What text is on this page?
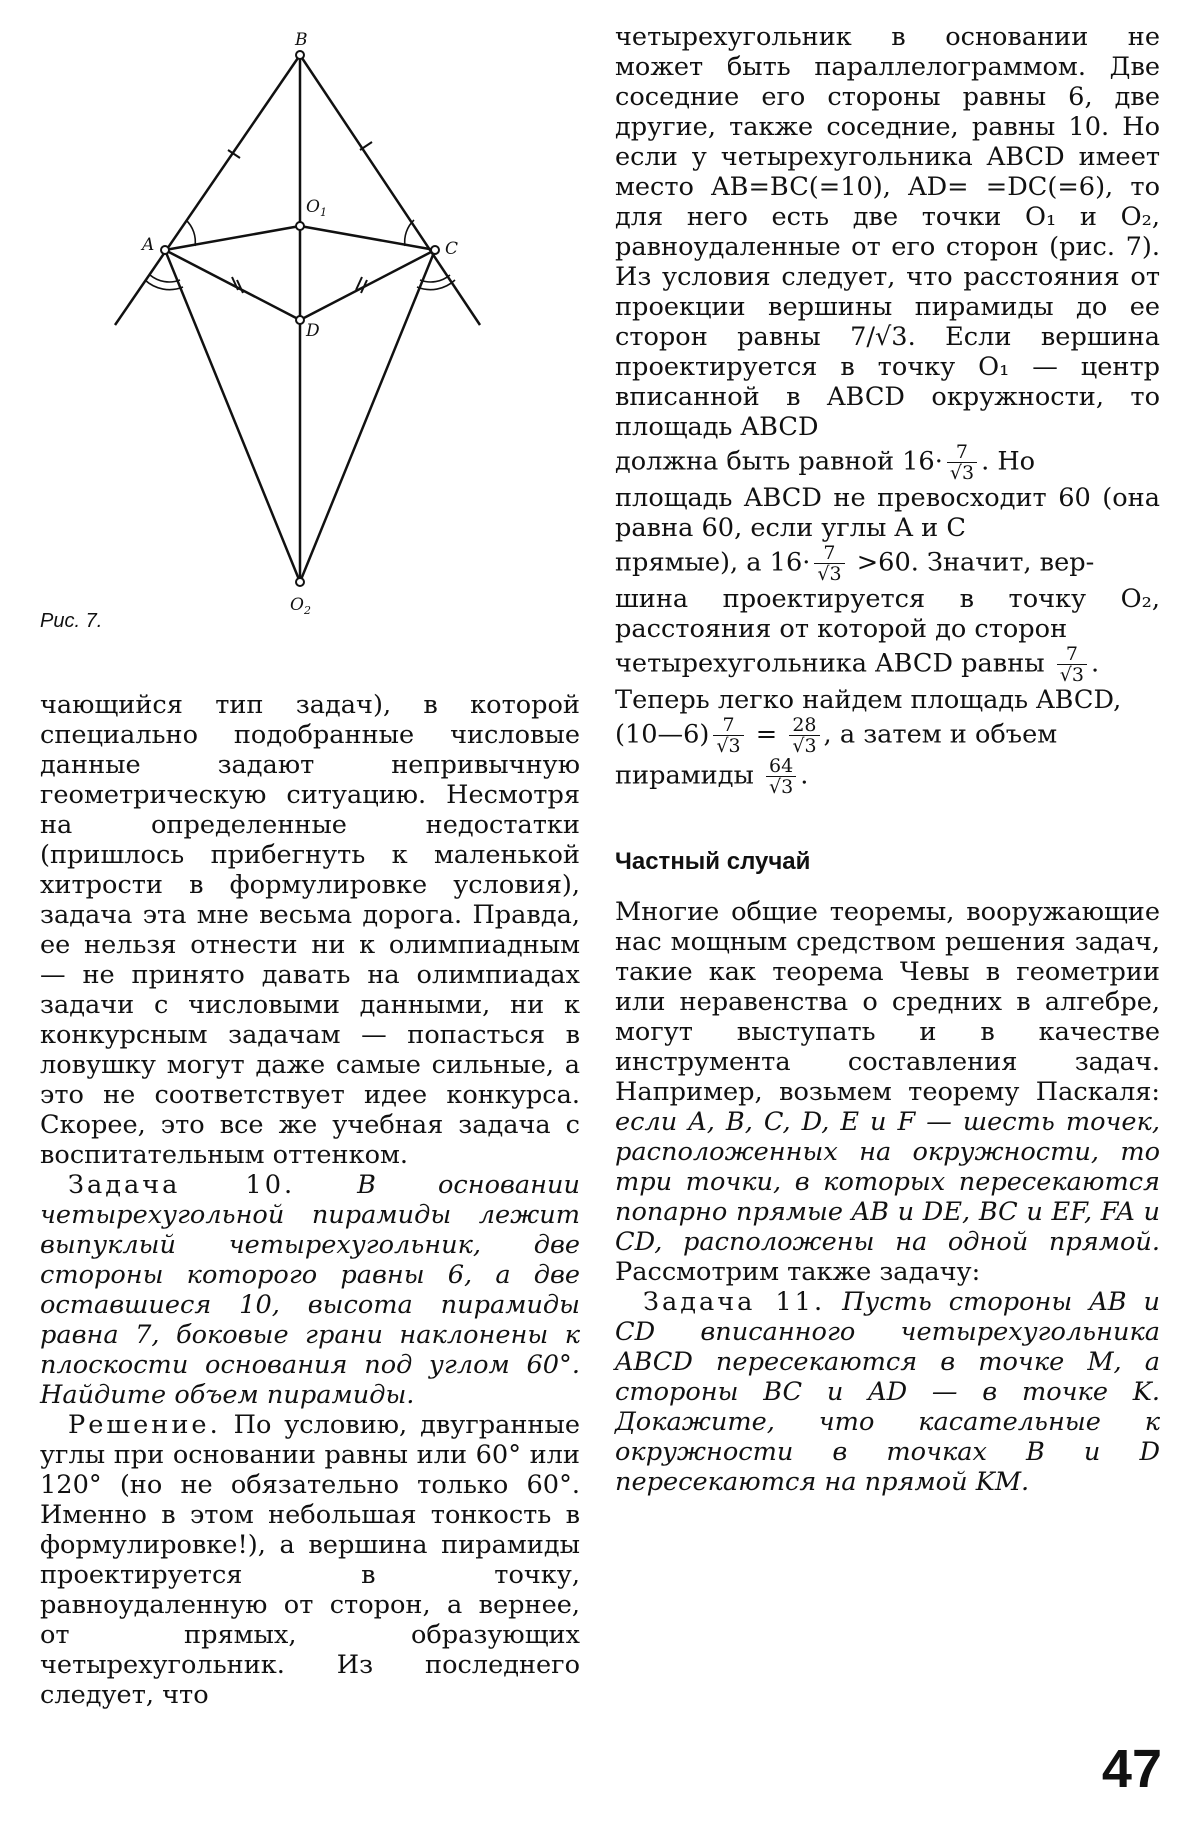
B
A	C
$O_1$
D
$O_2$
Рис. 7.

чающийся тип задач), в которой специально подобранные числовые данные задают непривычную геометрическую ситуацию. Несмотря на определенные недостатки (пришлось прибегнуть к маленькой хитрости в формулировке условия), задача эта мне весьма дорога. Правда, ее нельзя отнести ни к олимпиадным — не принято давать на олимпиадах задачи с числовыми данными, ни к конкурсным задачам — попасться в ловушку могут даже самые сильные, а это не соответствует идее конкурса. Скорее, это все же учебная задача с воспитательным оттенком.

Задача 10. В основании четырехугольной пирамиды лежит выпуклый четырехугольник, две стороны которого равны 6, а две оставшиеся 10, высота пирамиды равна 7, боковые грани наклонены к плоскости основания под углом 60°. Найдите объем пирамиды.

Решение. По условию, двугранные углы при основании равны или 60° или 120° (но не обязательно только 60°. Именно в этом небольшая тонкость в формулировке!), а вершина пирамиды проектируется в точку, равноудаленную от сторон, а вернее, от прямых, образующих четырехугольник. Из последнего следует, что

четырехугольник в основании не может быть параллелограммом. Две соседние его стороны равны 6, две другие, также соседние, равны 10. Но если у четырехугольника ABCD имеет место AB=BC(=10), AD= =DC(=6), то для него есть две точки O₁ и O₂, равноудаленные от его сторон (рис. 7). Из условия следует, что расстояния от проекции вершины пирамиды до ее сторон равны 7/√3. Если вершина проектируется в точку O₁ — центр вписанной в ABCD окружности, то площадь ABCD

должна быть равной $16\cdot \frac{7}{√3}$ . Но

площадь ABCD не превосходит 60 (она равна 60, если углы A и C

прямые), а $16\cdot \frac{7}{√3} >60$. Значит, вер-

шина проектируется в точку O₂, расстояния от которой до сторон

четырехугольника ABCD равны $\frac{7}{√3}$ .

Теперь легко найдем площадь ABCD,

(10—6) $\frac{7}{√3} = \frac{28}{√3}$ , а затем и объем

пирамиды $\frac{64}{√3}$ .

Частный случай

Многие общие теоремы, вооружающие нас мощным средством решения задач, такие как теорема Чевы в геометрии или неравенства о средних в алгебре, могут выступать и в качестве инструмента составления задач. Например, возьмем теорему Паскаля: если A, B, C, D, E и F — шесть точек, расположенных на окружности, то три точки, в которых пересекаются попарно прямые AB и DE, BC и EF, FA и CD, расположены на одной прямой. Рассмотрим также задачу:

Задача 11. Пусть стороны AB и CD вписанного четырехугольника ABCD пересекаются в точке M, а стороны BC и AD — в точке K. Докажите, что касательные к окружности в точках B и D пересекаются на прямой KM.

47
